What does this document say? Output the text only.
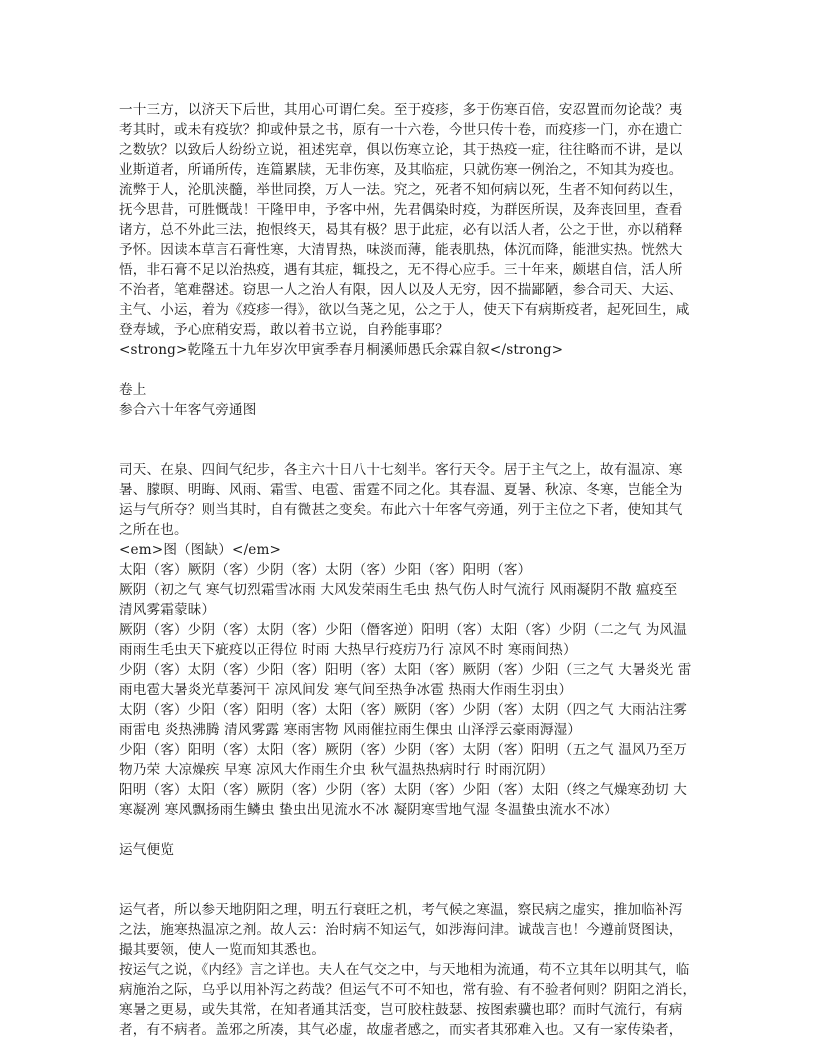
一十三方，以济天下后世，其用心可谓仁矣。至于疫疹，多于伤寒百倍，安忍置而勿论哉？夷
考其时，或未有疫欤？抑或仲景之书，原有一十六卷，今世只传十卷，而疫疹一门，亦在遗亡
之数欤？以致后人纷纷立说，祖述宪章，俱以伤寒立论，其于热疫一症，往往略而不讲，是以
业斯道者，所诵所传，连篇累牍，无非伤寒，及其临症，只就伤寒一例治之，不知其为疫也。
流弊于人，沦肌浃髓，举世同揆，万人一法。究之，死者不知何病以死，生者不知何药以生，
抚今思昔，可胜慨哉！干隆甲申，予客中州，先君偶染时疫，为群医所误，及奔丧回里，查看
诸方，总不外此三法，抱恨终天，曷其有极？思于此症，必有以活人者，公之于世，亦以稍释
予怀。因读本草言石膏性寒，大清胃热，味淡而薄，能表肌热，体沉而降，能泄实热。恍然大
悟，非石膏不足以治热疫，遇有其症，辄投之，无不得心应手。三十年来，颇堪自信，活人所
不治者，笔难罄述。窃思一人之治人有限，因人以及人无穷，因不揣鄙陋，参合司天、大运、
主气、小运，着为《疫疹一得》，欲以刍荛之见，公之于人，使天下有病斯疫者，起死回生，咸
登寿域，予心庶稍安焉，敢以着书立说，自矜能事耶？
<strong>乾隆五十九年岁次甲寅季春月桐溪师愚氏余霖自叙</strong>
卷上
参合六十年客气旁通图
司天、在泉、四间气纪步，各主六十日八十七刻半。客行天令。居于主气之上，故有温凉、寒
暑、朦暝、明晦、风雨、霜雪、电雹、雷霆不同之化。其春温、夏暑、秋凉、冬寒，岂能全为
运与气所夺？则当其时，自有微甚之变矣。布此六十年客气旁通，列于主位之下者，使知其气
之所在也。
<em>图（图缺）</em>
太阳（客）厥阴（客）少阴（客）太阴（客）少阳（客）阳明（客）
厥阴（初之气 寒气切烈霜雪冰雨 大风发荣雨生毛虫 热气伤人时气流行 风雨凝阴不散 瘟疫至
清风雾霜蒙昧）
厥阴（客）少阴（客）太阴（客）少阳（僭客逆）阳明（客）太阳（客）少阴（二之气 为风温
雨雨生毛虫天下疵疫以正得位 时雨 大热早行疫疠乃行 凉风不时 寒雨间热）
少阴（客）太阴（客）少阳（客）阳明（客）太阳（客）厥阴（客）少阳（三之气 大暑炎光 雷
雨电雹大暑炎光草萎河干 凉风间发 寒气间至热争冰雹 热雨大作雨生羽虫）
太阴（客）少阳（客）阳明（客）太阳（客）厥阴（客）少阴（客）太阴（四之气 大雨沾注雾
雨雷电 炎热沸腾 清风雾露 寒雨害物 风雨催拉雨生倮虫 山泽浮云豪雨溽湿）
少阳（客）阳明（客）太阳（客）厥阴（客）少阴（客）太阴（客）阳明（五之气 温风乃至万
物乃荣 大凉燥疾 早寒 凉风大作雨生介虫 秋气温热热病时行 时雨沉阴）
阳明（客）太阳（客）厥阴（客）少阴（客）太阴（客）少阳（客）太阳（终之气燥寒劲切 大
寒凝冽 寒风飘扬雨生鳞虫 蛰虫出见流水不冰 凝阴寒雪地气湿 冬温蛰虫流水不冰）
运气便览
运气者，所以参天地阴阳之理，明五行衰旺之机，考气候之寒温，察民病之虚实，推加临补泻
之法，施寒热温凉之剂。故人云：治时病不知运气，如涉海问津。诚哉言也！今遵前贤图诀，
撮其要领，使人一览而知其悉也。
按运气之说，《内经》言之详也。夫人在气交之中，与天地相为流通，苟不立其年以明其气，临
病施治之际，乌乎以用补泻之药哉？但运气不可不知也，常有验、有不验者何则？阴阳之消长，
寒暑之更易，或失其常，在知者通其活变，岂可胶柱鼓瑟、按图索骥也耶？而时气流行，有病
者，有不病者。盖邪之所凑，其气必虚，故虚者感之，而实者其邪难入也。又有一家传染者，
